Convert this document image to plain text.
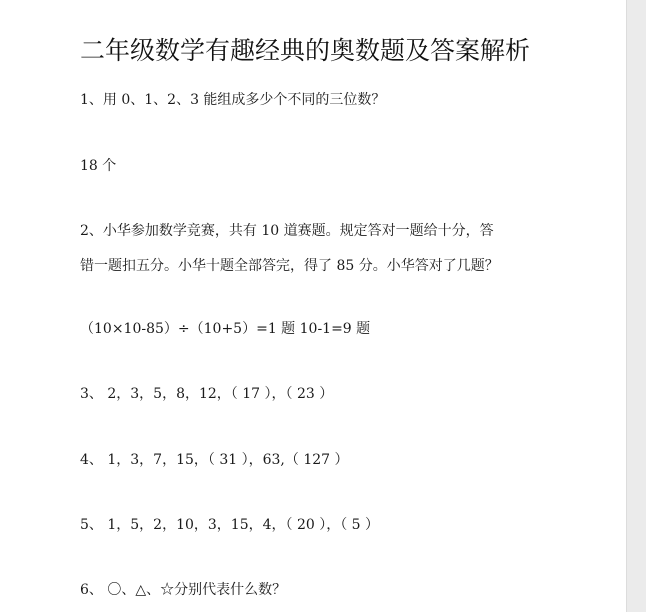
二年级数学有趣经典的奥数题及答案解析
1、用 0、1、2、3 能组成多少个不同的三位数？
18 个
2、小华参加数学竞赛，共有 10 道赛题。规定答对一题给十分，答
错一题扣五分。小华十题全部答完，得了 85 分。小华答对了几题？
（10×10-85）÷（10+5）=1 题 10-1=9 题
3、 2，3，5，8，12，（ 17 ），（ 23 ）
4、 1，3，7，15，（ 31 ），63,（ 127 ）
5、 1，5，2，10，3，15，4，（ 20 ），（ 5 ）
6、 〇、△、☆分别代表什么数？
